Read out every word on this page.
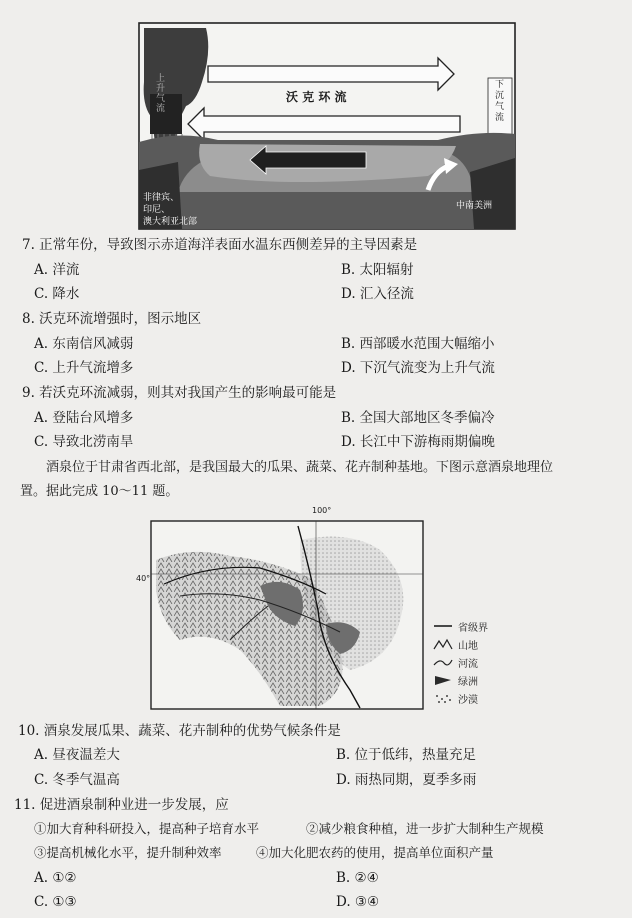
沃 克 环 流
上升气流
下沉气流
非律宾、
印尼、
澳大利亚北部
中南美洲
7. 正常年份，导致图示赤道海洋表面水温东西侧差异的主导因素是
A. 洋流	B. 太阳辐射
C. 降水	D. 汇入径流
8. 沃克环流增强时，图示地区
A. 东南信风减弱	B. 西部暖水范围大幅缩小
C. 上升气流增多	D. 下沉气流变为上升气流
9. 若沃克环流减弱，则其对我国产生的影响最可能是
A. 登陆台风增多	B. 全国大部地区冬季偏冷
C. 导致北涝南旱	D. 长江中下游梅雨期偏晚
酒泉位于甘肃省西北部，是我国最大的瓜果、蔬菜、花卉制种基地。下图示意酒泉地理位
置。据此完成 10～11 题。
100°
40°
省级界
山地
河流
绿洲
沙漠
10. 酒泉发展瓜果、蔬菜、花卉制种的优势气候条件是
A. 昼夜温差大	B. 位于低纬，热量充足
C. 冬季气温高	D. 雨热同期，夏季多雨
11. 促进酒泉制种业进一步发展，应
①加大育种科研投入，提高种子培育水平	②减少粮食种植，进一步扩大制种生产规模
③提高机械化水平，提升制种效率	④加大化肥农药的使用，提高单位面积产量
A. ①②	B. ②④
C. ①③	D. ③④
